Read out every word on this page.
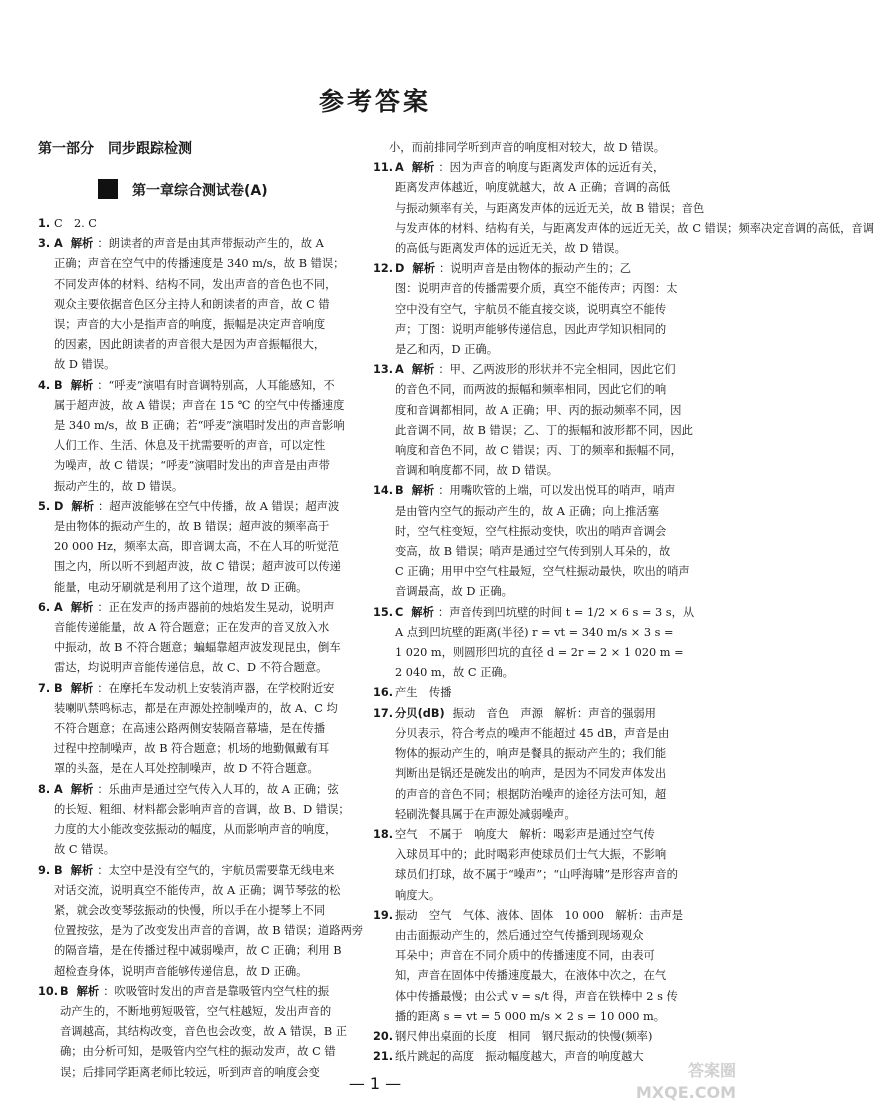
参考答案
第一部分　同步跟踪检测
第一章综合测试卷(A)
1. C　2. C
3. A 解析 ：朗读者的声音是由其声带振动产生的，故 A
正确；声音在空气中的传播速度是 340 m/s，故 B 错误；
不同发声体的材料、结构不同，发出声音的音色也不同，
观众主要依据音色区分主持人和朗读者的声音，故 C 错
误；声音的大小是指声音的响度，振幅是决定声音响度
的因素，因此朗读者的声音很大是因为声音振幅很大，
故 D 错误。
4. B 解析 ：“呼麦”演唱有时音调特别高，人耳能感知，不
属于超声波，故 A 错误；声音在 15 ℃ 的空气中传播速度
是 340 m/s，故 B 正确；若“呼麦”演唱时发出的声音影响
人们工作、生活、休息及干扰需要听的声音，可以定性
为噪声，故 C 错误；“呼麦”演唱时发出的声音是由声带
振动产生的，故 D 错误。
5. D 解析 ：超声波能够在空气中传播，故 A 错误；超声波
是由物体的振动产生的，故 B 错误；超声波的频率高于
20 000 Hz，频率太高，即音调太高，不在人耳的听觉范
围之内，所以听不到超声波，故 C 错误；超声波可以传递
能量，电动牙刷就是利用了这个道理，故 D 正确。
6. A 解析 ：正在发声的扬声器前的烛焰发生晃动，说明声
音能传递能量，故 A 符合题意；正在发声的音叉放入水
中振动，故 B 不符合题意；蝙蝠靠超声波发现昆虫，倒车
雷达，均说明声音能传递信息，故 C、D 不符合题意。
7. B 解析 ：在摩托车发动机上安装消声器，在学校附近安
装喇叭禁鸣标志，都是在声源处控制噪声的，故 A、C 均
不符合题意；在高速公路两侧安装隔音幕墙，是在传播
过程中控制噪声，故 B 符合题意；机场的地勤佩戴有耳
罩的头盔，是在人耳处控制噪声，故 D 不符合题意。
8. A 解析 ：乐曲声是通过空气传入人耳的，故 A 正确；弦
的长短、粗细、材料都会影响声音的音调，故 B、D 错误；
力度的大小能改变弦振动的幅度，从而影响声音的响度，
故 C 错误。
9. B 解析 ：太空中是没有空气的，宇航员需要靠无线电来
对话交流，说明真空不能传声，故 A 正确；调节琴弦的松
紧，就会改变琴弦振动的快慢，所以手在小提琴上不同
位置按弦，是为了改变发出声音的音调，故 B 错误；道路两旁
的隔音墙，是在传播过程中减弱噪声，故 C 正确；利用 B
超检查身体，说明声音能够传递信息，故 D 正确。
10. B 解析 ：吹吸管时发出的声音是靠吸管内空气柱的振
动产生的，不断地剪短吸管，空气柱越短，发出声音的
音调越高，其结构改变，音色也会改变，故 A 错误，B 正
确；由分析可知，是吸管内空气柱的振动发声，故 C 错
误；后排同学距离老师比较远，听到声音的响度会变
小，而前排同学听到声音的响度相对较大，故 D 错误。
11. A 解析 ：因为声音的响度与距离发声体的远近有关，
距离发声体越近，响度就越大，故 A 正确；音调的高低
与振动频率有关，与距离发声体的远近无关，故 B 错误；音色
与发声体的材料、结构有关，与距离发声体的远近无关，故 C 错误；频率决定音调的高低，音调
的高低与距离发声体的远近无关，故 D 错误。
12. D 解析 ：说明声音是由物体的振动产生的；乙
图：说明声音的传播需要介质，真空不能传声；丙图：太
空中没有空气，宇航员不能直接交谈，说明真空不能传
声；丁图：说明声能够传递信息，因此声学知识相同的
是乙和丙，D 正确。
13. A 解析 ：甲、乙两波形的形状并不完全相同，因此它们
的音色不同，而两波的振幅和频率相同，因此它们的响
度和音调都相同，故 A 正确；甲、丙的振动频率不同，因
此音调不同，故 B 错误；乙、丁的振幅和波形都不同，因此
响度和音色不同，故 C 错误；丙、丁的频率和振幅不同，
音调和响度都不同，故 D 错误。
14. B 解析 ：用嘴吹管的上端，可以发出悦耳的哨声，哨声
是由管内空气的振动产生的，故 A 正确；向上推活塞
时，空气柱变短，空气柱振动变快，吹出的哨声音调会
变高，故 B 错误；哨声是通过空气传到别人耳朵的，故
C 正确；用甲中空气柱最短，空气柱振动最快，吹出的哨声
音调最高，故 D 正确。
15. C 解析 ：声音传到凹坑壁的时间 t = 1/2 × 6 s = 3 s，从
A 点到凹坑壁的距离(半径) r = vt = 340 m/s × 3 s =
1 020 m，则圆形凹坑的直径 d = 2r = 2 × 1 020 m =
2 040 m，故 C 正确。
16. 产生　传播
17. 分贝(dB) 振动　音色　声源　解析：声音的强弱用
分贝表示，符合考点的噪声不能超过 45 dB，声音是由
物体的振动产生的，响声是餐具的振动产生的；我们能
判断出是锅还是碗发出的响声，是因为不同发声体发出
的声音的音色不同；根据防治噪声的途径方法可知，超
轻刷洗餐具属于在声源处减弱噪声。
18. 空气　不属于　响度大　解析：喝彩声是通过空气传
入球员耳中的；此时喝彩声使球员们士气大振，不影响
球员们打球，故不属于“噪声”；“山呼海啸”是形容声音的
响度大。
19. 振动　空气　气体、液体、固体　10 000　解析：击声是
由击面振动产生的，然后通过空气传播到现场观众
耳朵中；声音在不同介质中的传播速度不同，由表可
知，声音在固体中传播速度最大，在液体中次之，在气
体中传播最慢；由公式 v = s/t 得，声音在铁棒中 2 s 传
播的距离 s = vt = 5 000 m/s × 2 s = 10 000 m。
20. 钢尺伸出桌面的长度　相同　钢尺振动的快慢(频率)
21. 纸片跳起的高度　振动幅度越大，声音的响度越大
— 1 —
答案圈 MXQE.COM
